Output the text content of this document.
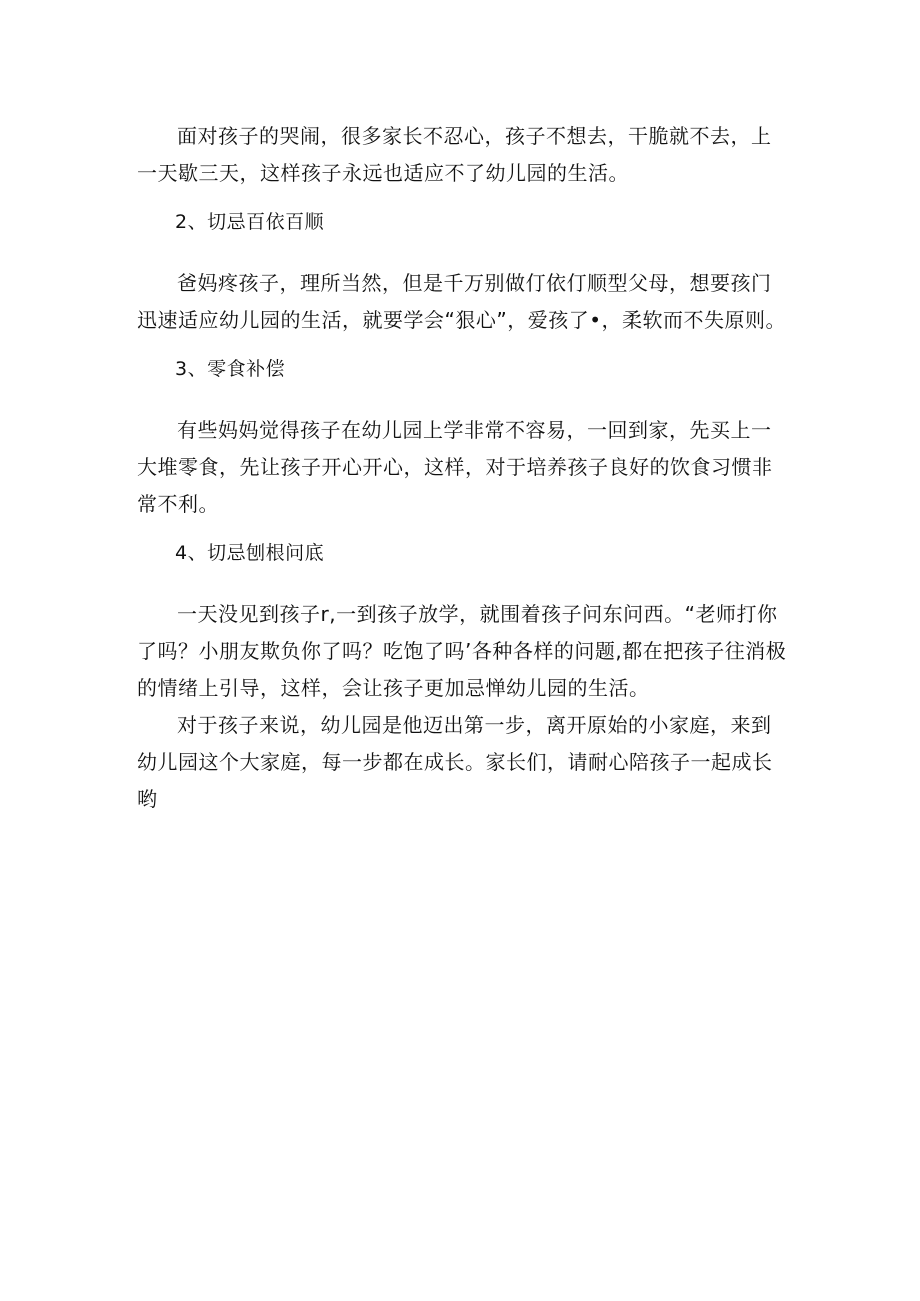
面对孩子的哭闹，很多家长不忍心，孩子不想去，干脆就不去，上一天歇三天，这样孩子永远也适应不了幼儿园的生活。

2、切忌百依百顺

爸妈疼孩子，理所当然，但是千万别做仃依仃顺型父母，想要孩门迅速适应幼儿园的生活，就要学会“狠心”，爱孩了•，柔软而不失原则。

3、零食补偿

有些妈妈觉得孩子在幼儿园上学非常不容易，一回到家，先买上一大堆零食，先让孩子开心开心，这样，对于培养孩子良好的饮食习惯非常不利。

4、切忌刨根问底

一天没见到孩子r,一到孩子放学，就围着孩子问东问西。“老师打你了吗？小朋友欺负你了吗？吃饱了吗’各种各样的问题,都在把孩子往消极的情绪上引导，这样，会让孩子更加忌惮幼儿园的生活。

对于孩子来说，幼儿园是他迈出第一步，离开原始的小家庭，来到幼儿园这个大家庭，每一步都在成长。家长们，请耐心陪孩子一起成长哟
